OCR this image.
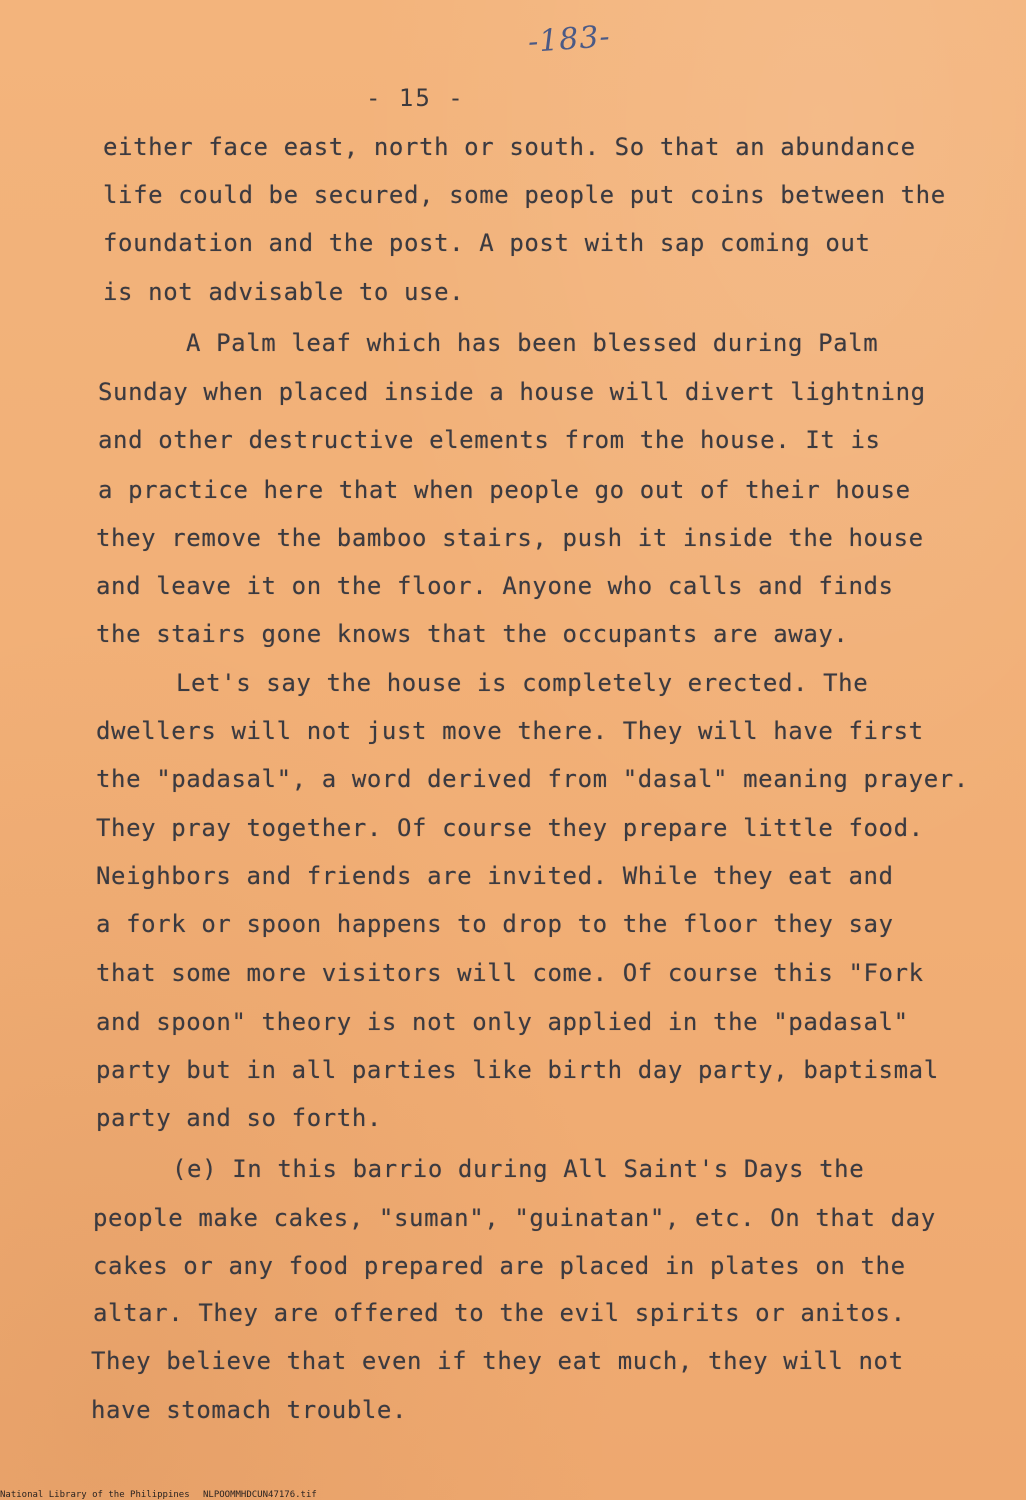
-183-
- 15 -
either face east, north or south. So that an abundance
life could be secured, some people put coins between the
foundation and the post. A post with sap coming out
is not advisable to use.
A Palm leaf which has been blessed during Palm
Sunday when placed inside a house will divert lightning
and other destructive elements from the house. It is
a practice here that when people go out of their house
they remove the bamboo stairs, push it inside the house
and leave it on the floor. Anyone who calls and finds
the stairs gone knows that the occupants are away.
Let's say the house is completely erected. The
dwellers will not just move there. They will have first
the "padasal", a word derived from "dasal" meaning prayer.
They pray together. Of course they prepare little food.
Neighbors and friends are invited. While they eat and
a fork or spoon happens to drop to the floor they say
that some more visitors will come. Of course this "Fork
and spoon" theory is not only applied in the "padasal"
party but in all parties like birth day party, baptismal
party and so forth.
(e) In this barrio during All Saint's Days the
people make cakes, "suman", "guinatan", etc. On that day
cakes or any food prepared are placed in plates on the
altar. They are offered to the evil spirits or anitos.
They believe that even if they eat much, they will not
have stomach trouble.
National Library of the Philippines NLPOOMMHDCUN47176.tif
